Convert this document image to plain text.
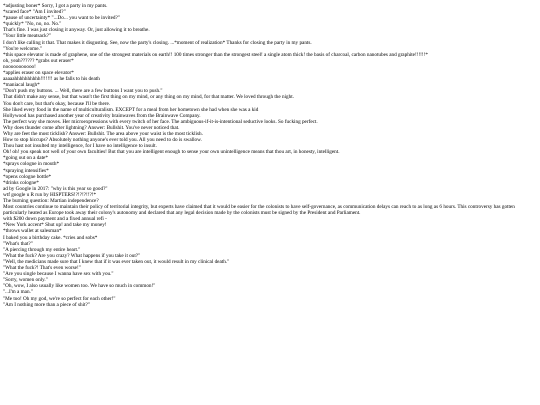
*adjusting boner* Sorry, I got a party in my pants.
*scared face* "Am I invited?"
*pause of uncertainty* "...Do... you want to be invited?"
*quickly* "No, no, no. No."
That's fine. I was just closing it anyway. Or, just allowing it to breathe.
"Your little meatsack?"
I don't like calling it that. That makes it disgusting. See, now the party's closing. ...*moment of realization* Thanks for closing the party in my pants.
"You're welcome."
*this space elevator is made of graphene, one of the strongest materials on earth!! 100 times stronger than the strongest steel! a single atom thick! the basis of charcoal, carbon nanotubes and graphite!!!!!!*
oh, yeah?????? *grabs out eraser*
nooooooooooo!
*applies eraser on space elevator*
aaaaahhhhhhhhhh!!!!!!! as he falls to his death
*maniacal laugh*
"Don't push my buttons. ... Well, there are a few buttons I want you to push."
That didn't make any sense, but that wasn't the first thing on my mind, or any thing on my mind, for that matter. We loved through the night.
You don't care, but that's okay, because I'll be there.
She liked every food in the name of multiculturalism. EXCEPT for a meal from her hometown she had when she was a kid
Hollywood has purchased another year of creativity brainwaves from the Brainwave Company.
The perfect way she moves. Her microexpressions with every twitch of her face. The ambiguous-if-it-is-intentional seductive looks. So fucking perfect.
Why does thunder come after lightning? Answer: Bullshit. You've never noticed that.
Why are feet the most ticklish? Answer: Bullshit. The area above your waist is the most ticklish.
How to stop hiccups? Absolutely nothing anyone's ever told you. All you need to do is swallow.
Thou hast not insulted my intelligence, for I have no intelligence to insult.
Oh! oh! you speak not well of your own faculties! But that you are intelligent enough to sense your own unintelligence means that thou art, in honesty, intelligent.
*going out on a date*
*sprays cologne in mouth*
*spraying intensifies*
*opens cologne bottle*
*drinks cologne*
ad by Google in 2017: "why is this year so good?"
wtf google u R run by HISPTERS!?!?!?!!?!*
The burning question: Martian independence?
Most countries continue to maintain their policy of territorial integrity, but experts have claimed that it would be easier for the colonists to have self-governance, as communication delays can reach to as long as 6 hours. This controversy has gotten particularly heated as Europe took away their colony's autonomy and declared that any legal decision made by the colonists must be signed by the President and Parliament.
with $200 down payment and a fixed annual refi -
*New York accent* Shut up! and take my money!
*throws wallet at salesman*
I baked you a birthday cake. *cries and sobs*
"What's that?"
"A piercing through my entire heart."
"What the fuck? Are you crazy? What happens if you take it out?"
"Well, the medicians made sure that I knew that if it was ever taken out, it would result in my clinical death."
"What the fuck?! That's even worse!"
"Are you single because I wanna have sex with you."
"Sorry, women only."
"Oh, wow, I also usually like women too. We have so much in common!"
"...I'm a man."
"Me too! Oh my god, we're so perfect for each other!"
"Am I nothing more than a piece of shit?"
